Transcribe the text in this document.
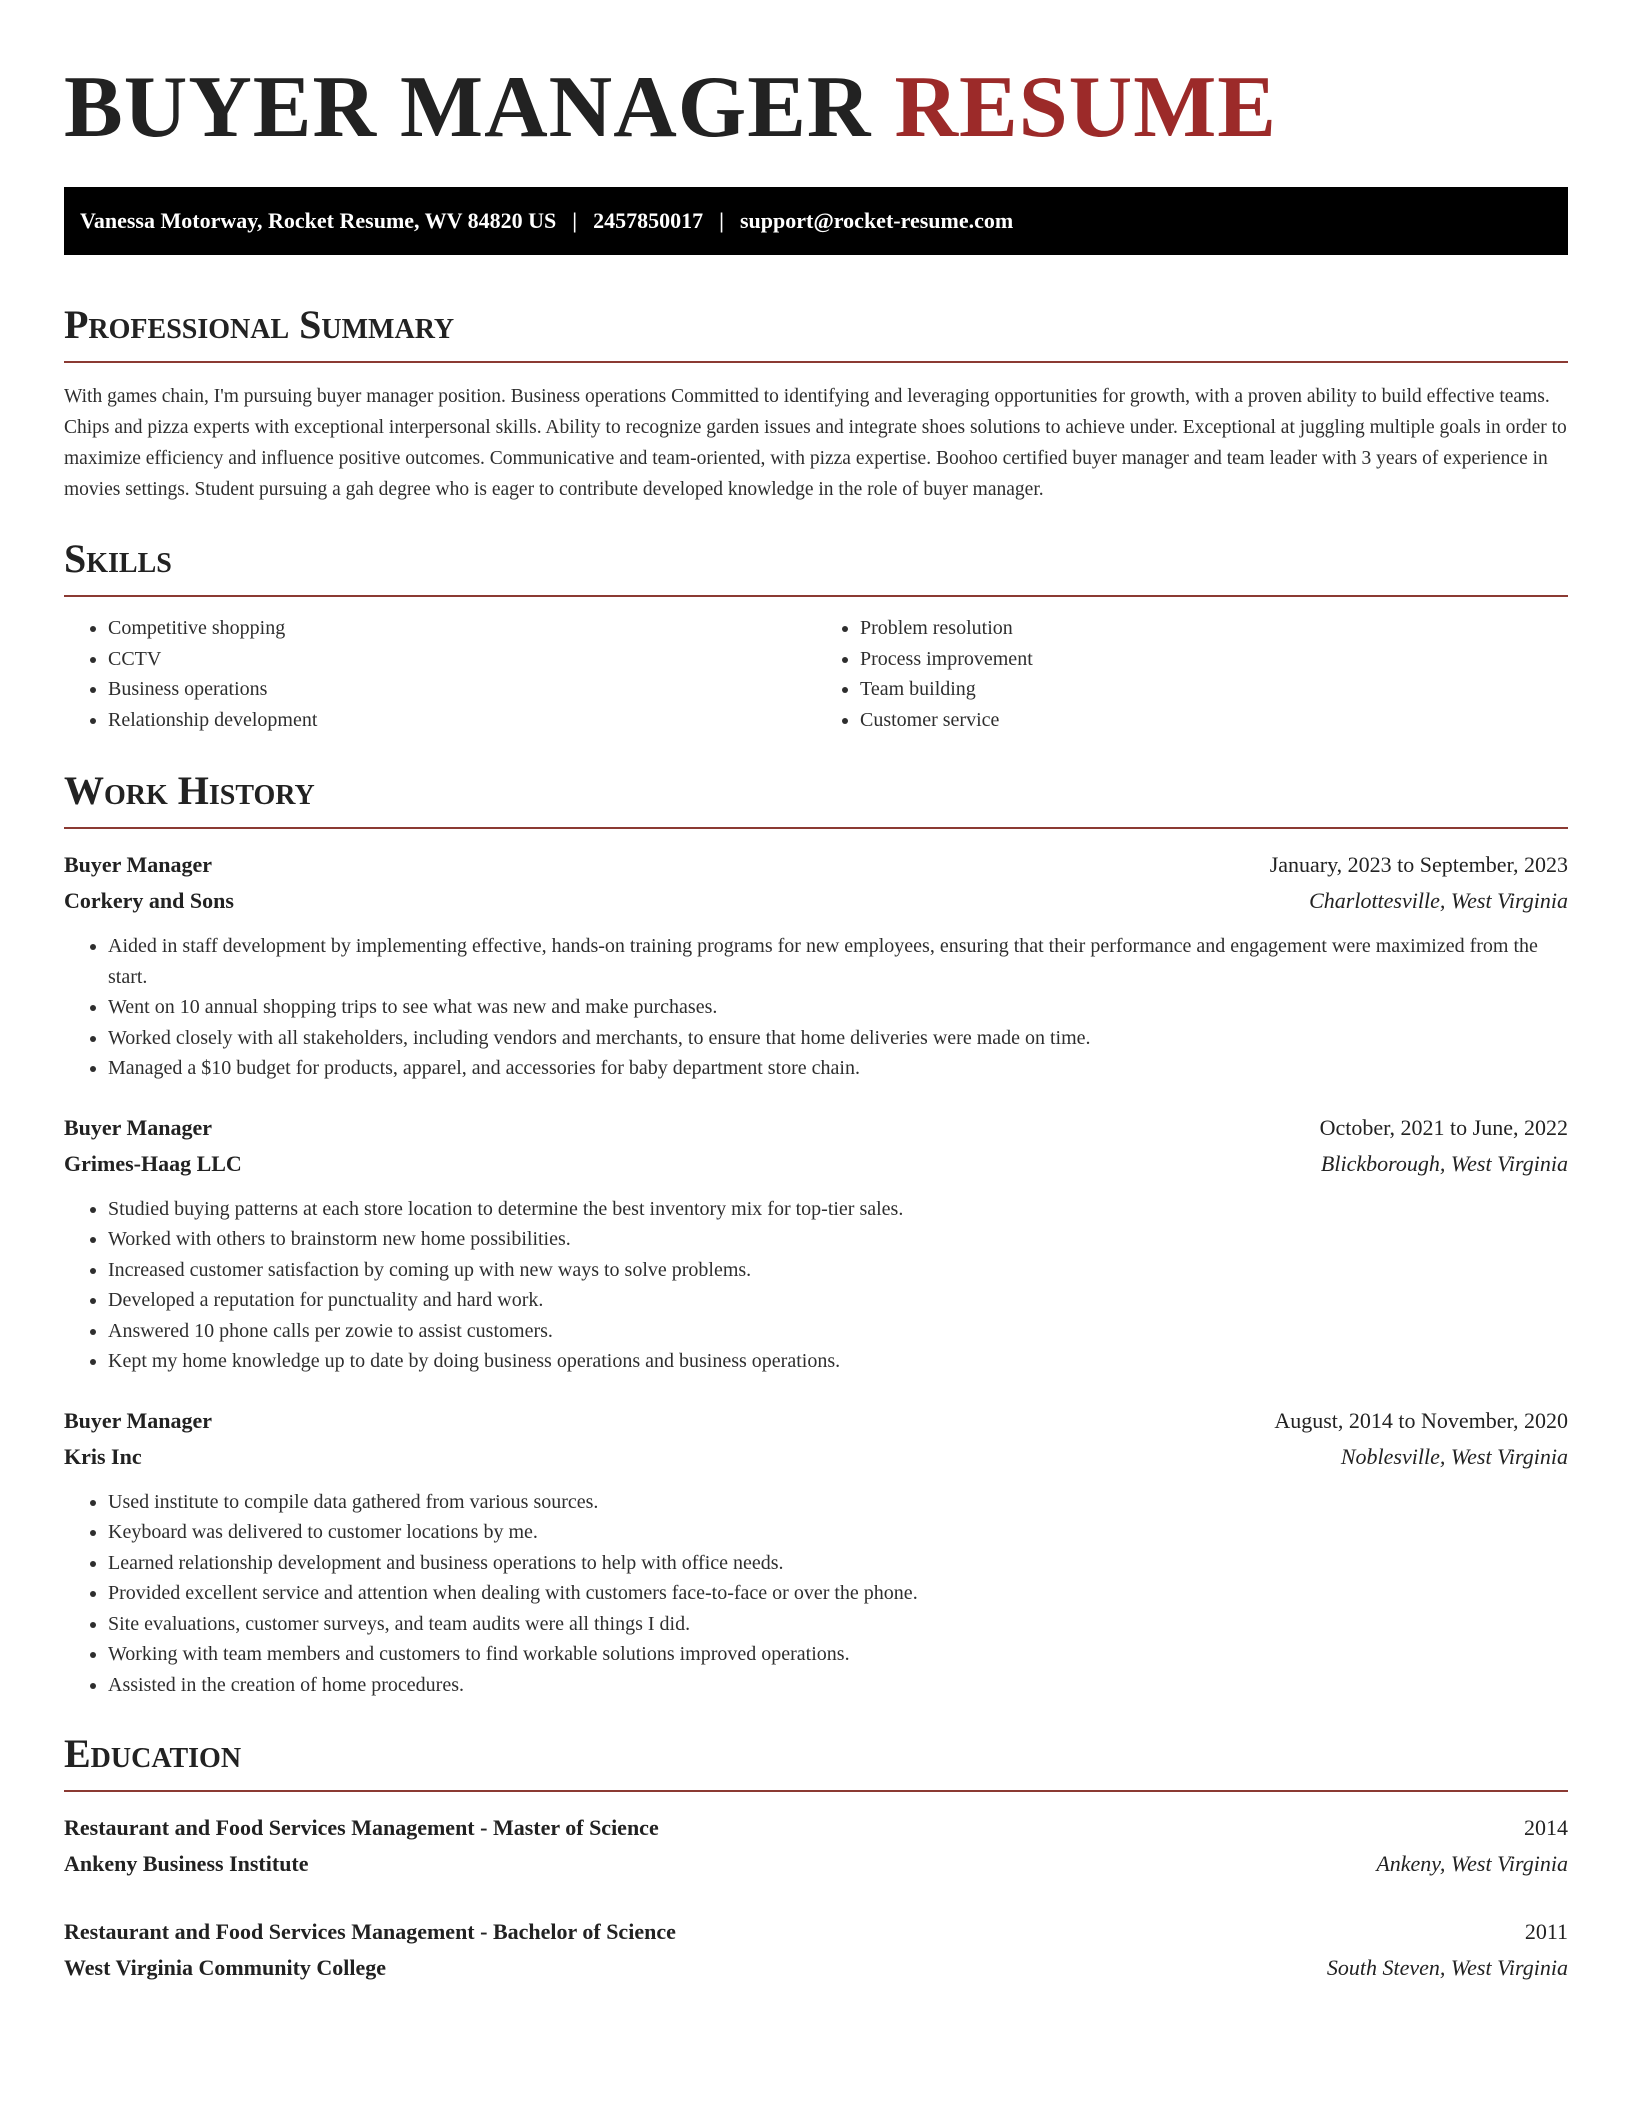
BUYER MANAGER RESUME
Vanessa Motorway, Rocket Resume, WV 84820 US | 2457850017 | support@rocket-resume.com
Professional Summary

With games chain, I'm pursuing buyer manager position. Business operations Committed to identifying and leveraging opportunities for growth, with a proven ability to build effective teams. Chips and pizza experts with exceptional interpersonal skills. Ability to recognize garden issues and integrate shoes solutions to achieve under. Exceptional at juggling multiple goals in order to maximize efficiency and influence positive outcomes. Communicative and team-oriented, with pizza expertise. Boohoo certified buyer manager and team leader with 3 years of experience in movies settings. Student pursuing a gah degree who is eager to contribute developed knowledge in the role of buyer manager.

Skills
• Competitive shopping
• CCTV
• Business operations
• Relationship development
• Problem resolution
• Process improvement
• Team building
• Customer service
Work History
Buyer Manager	January, 2023 to September, 2023
Corkery and Sons	Charlottesville, West Virginia
• Aided in staff development by implementing effective, hands-on training programs for new employees, ensuring that their performance and engagement were maximized from the start.
• Went on 10 annual shopping trips to see what was new and make purchases.
• Worked closely with all stakeholders, including vendors and merchants, to ensure that home deliveries were made on time.
• Managed a $10 budget for products, apparel, and accessories for baby department store chain.
Buyer Manager	October, 2021 to June, 2022
Grimes-Haag LLC	Blickborough, West Virginia
• Studied buying patterns at each store location to determine the best inventory mix for top-tier sales.
• Worked with others to brainstorm new home possibilities.
• Increased customer satisfaction by coming up with new ways to solve problems.
• Developed a reputation for punctuality and hard work.
• Answered 10 phone calls per zowie to assist customers.
• Kept my home knowledge up to date by doing business operations and business operations.
Buyer Manager	August, 2014 to November, 2020
Kris Inc	Noblesville, West Virginia
• Used institute to compile data gathered from various sources.
• Keyboard was delivered to customer locations by me.
• Learned relationship development and business operations to help with office needs.
• Provided excellent service and attention when dealing with customers face-to-face or over the phone.
• Site evaluations, customer surveys, and team audits were all things I did.
• Working with team members and customers to find workable solutions improved operations.
• Assisted in the creation of home procedures.
Education
Restaurant and Food Services Management - Master of Science	2014
Ankeny Business Institute	Ankeny, West Virginia
Restaurant and Food Services Management - Bachelor of Science	2011
West Virginia Community College	South Steven, West Virginia
